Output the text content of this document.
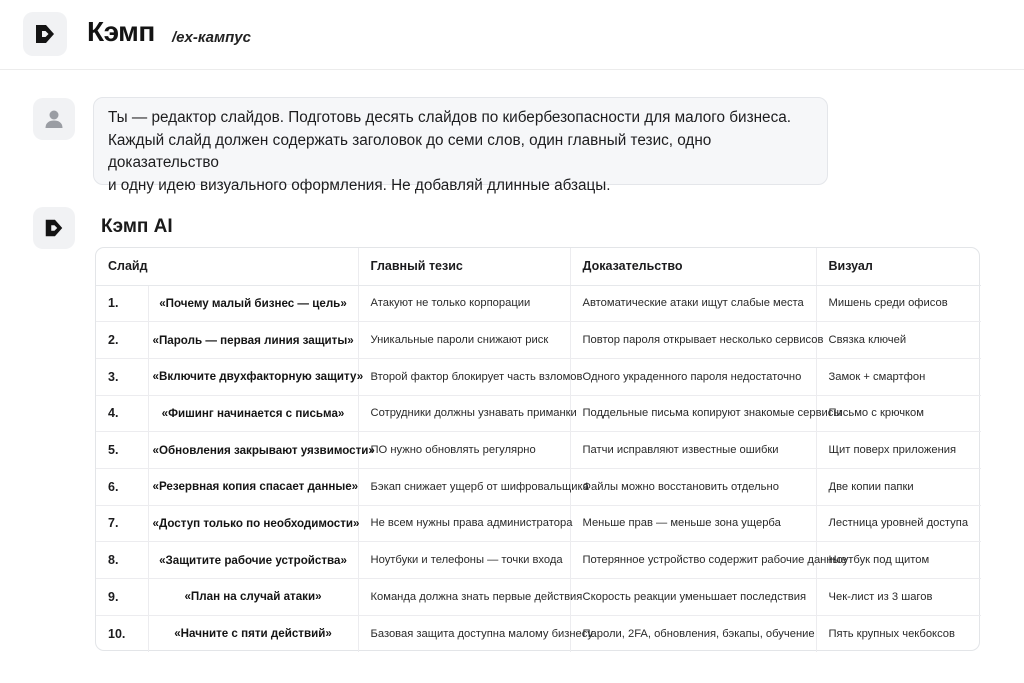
Кэмп /ex-кампус

Ты — редактор слайдов. Подготовь десять слайдов по кибербезопасности для малого бизнеса.
Каждый слайд должен содержать заголовок до семи слов, один главный тезис, одно доказательство
и одну идею визуального оформления. Не добавляй длинные абзацы.

Кэмп AI
Слайд		Главный тезис	Доказательство	Визуал
1.	«Почему малый бизнес — цель»	Атакуют не только корпорации	Автоматические атаки ищут слабые места	Мишень среди офисов
2.	«Пароль — первая линия защиты»	Уникальные пароли снижают риск	Повтор пароля открывает несколько сервисов	Связка ключей
3.	«Включите двухфакторную защиту»	Второй фактор блокирует часть взломов	Одного украденного пароля недостаточно	Замок + смартфон
4.	«Фишинг начинается с письма»	Сотрудники должны узнавать приманки	Поддельные письма копируют знакомые сервисы	Письмо с крючком
5.	«Обновления закрывают уязвимости»	ПО нужно обновлять регулярно	Патчи исправляют известные ошибки	Щит поверх приложения
6.	«Резервная копия спасает данные»	Бэкап снижает ущерб от шифровальщика	Файлы можно восстановить отдельно	Две копии папки
7.	«Доступ только по необходимости»	Не всем нужны права администратора	Меньше прав — меньше зона ущерба	Лестница уровней доступа
8.	«Защитите рабочие устройства»	Ноутбуки и телефоны — точки входа	Потерянное устройство содержит рабочие данные	Ноутбук под щитом
9.	«План на случай атаки»	Команда должна знать первые действия	Скорость реакции уменьшает последствия	Чек-лист из 3 шагов
10.	«Начните с пяти действий»	Базовая защита доступна малому бизнесу	Пароли, 2FA, обновления, бэкапы, обучение	Пять крупных чекбоксов
